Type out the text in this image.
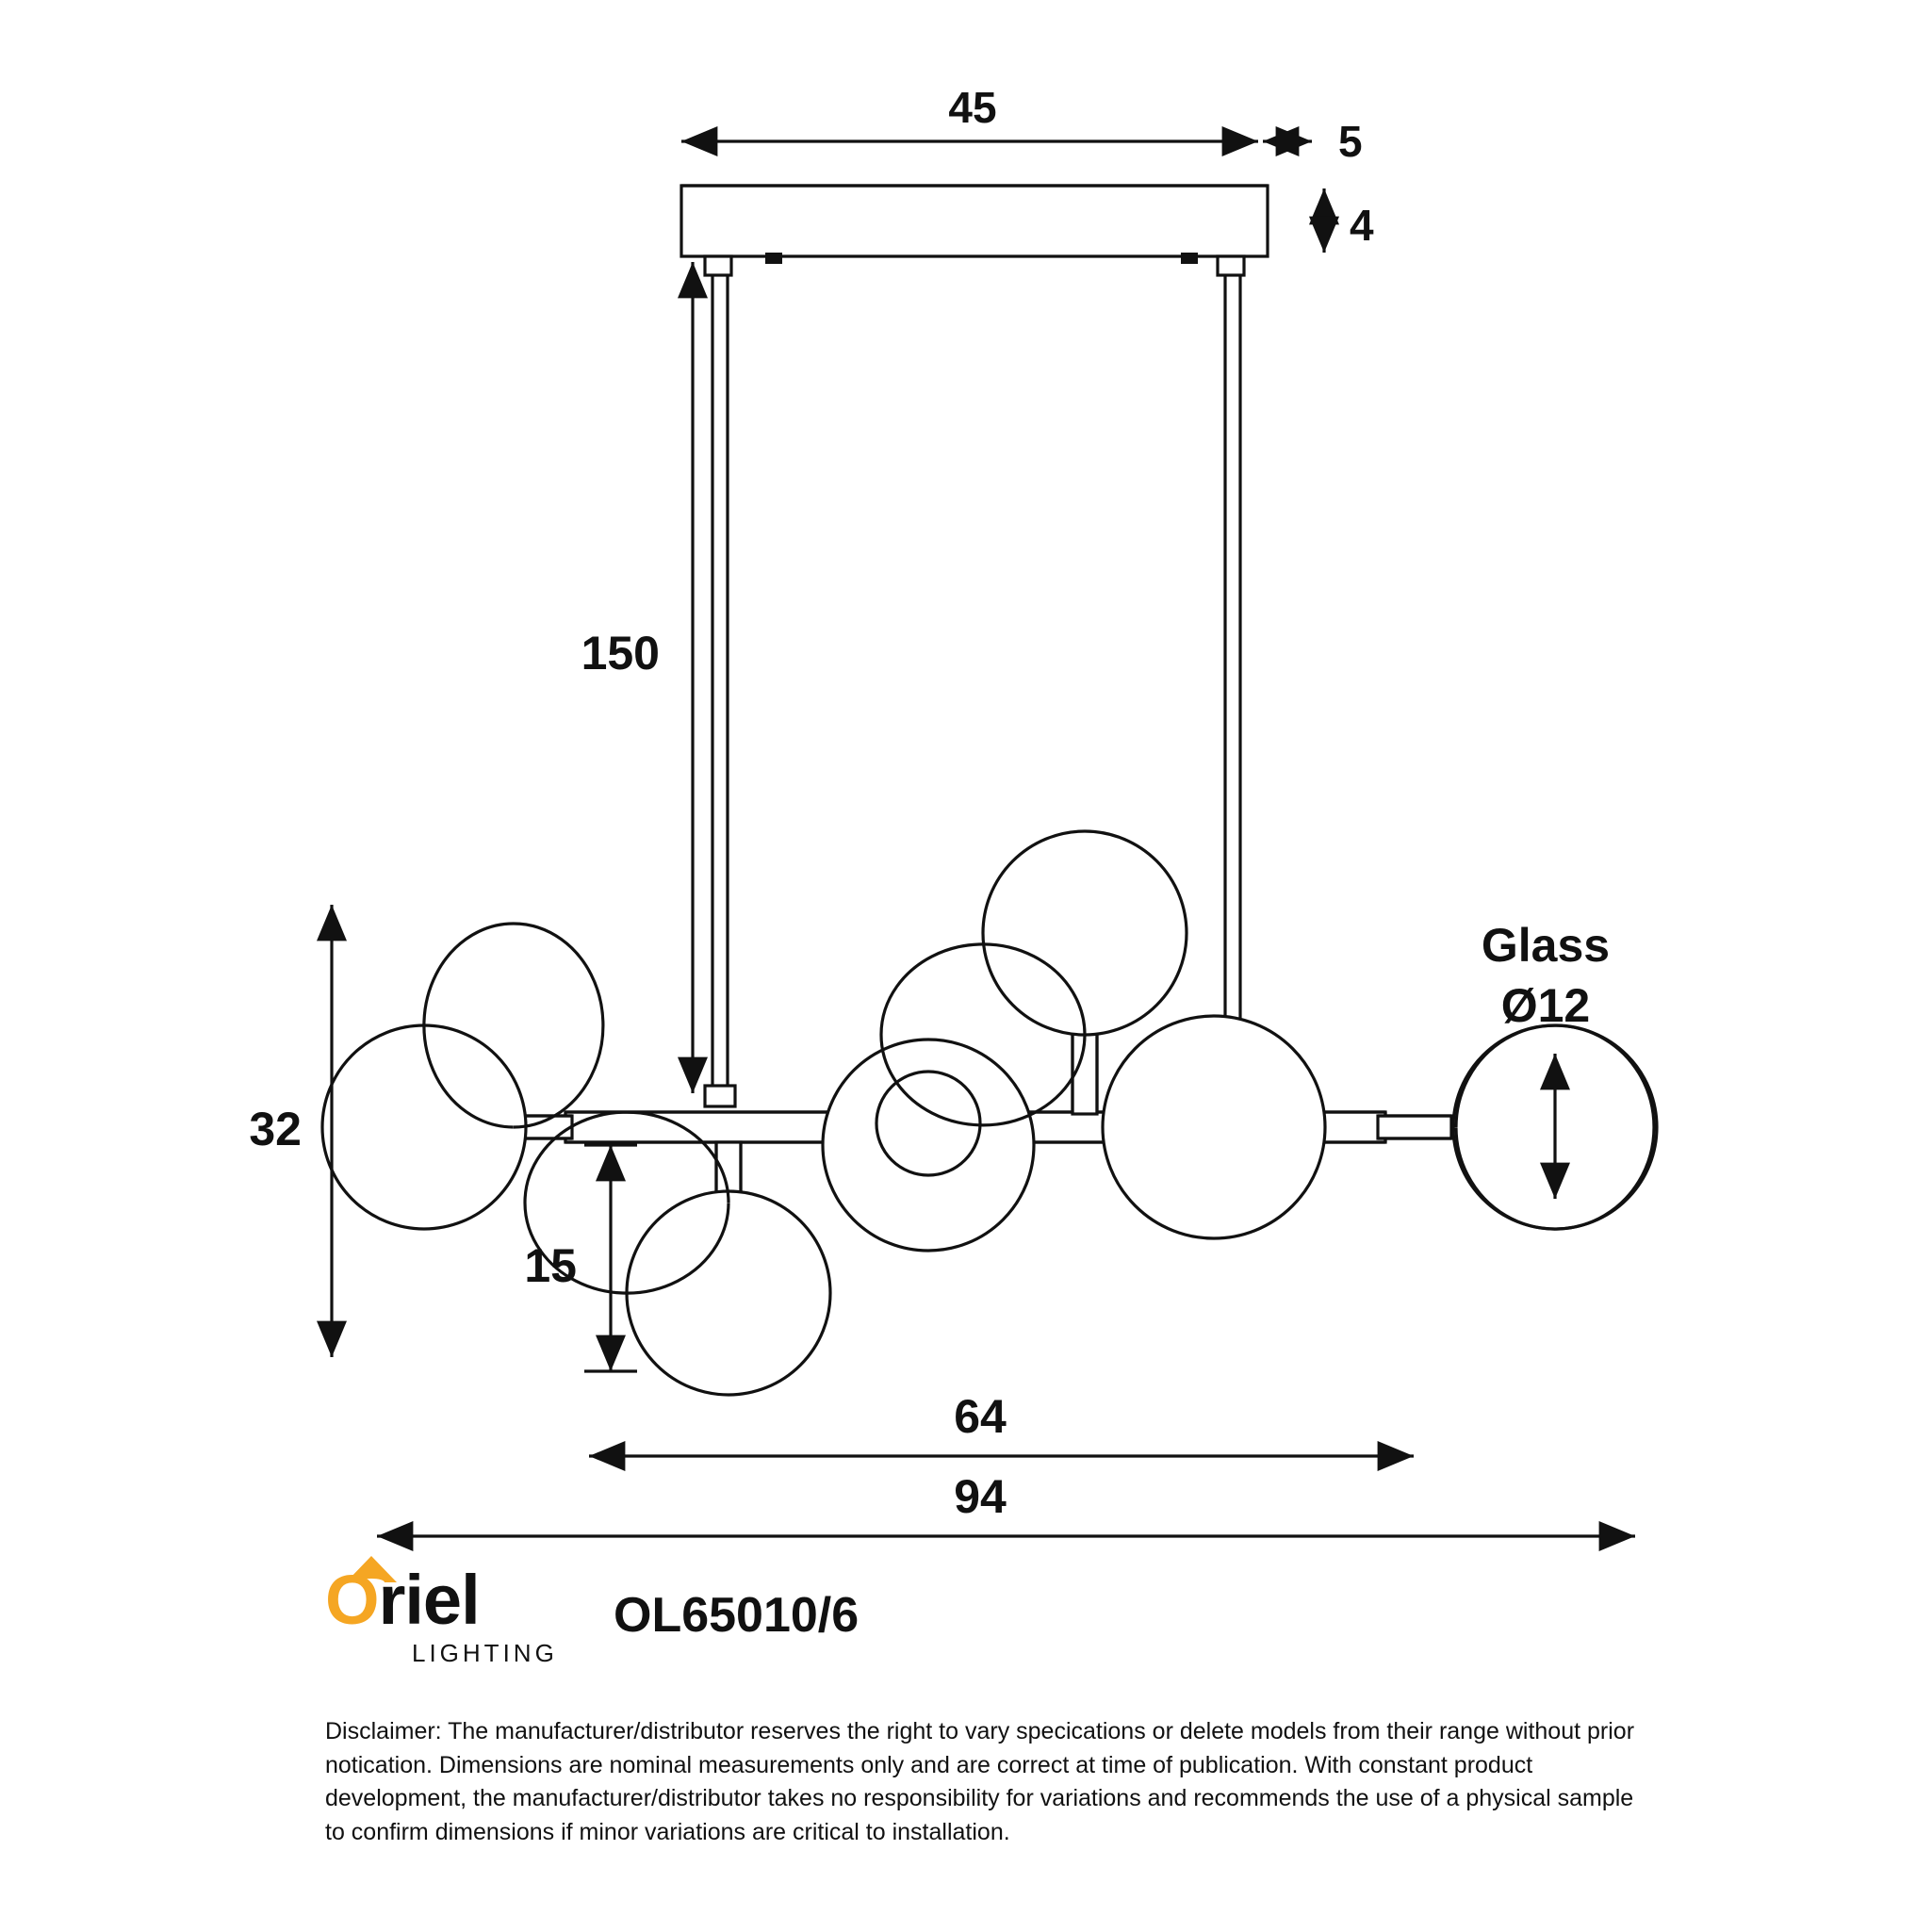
45
5
4
150
32
15
Glass
Ø12
64
94
Oriel
LIGHTING
OL65010/6
Disclaimer: The manufacturer/distributor reserves the right to vary specications or delete models from their range without prior notication. Dimensions are nominal measurements only and are correct at time of publication. With constant product development, the manufacturer/distributor takes no responsibility for variations and recommends the use of a physical sample to confirm dimensions if minor variations are critical to installation.
